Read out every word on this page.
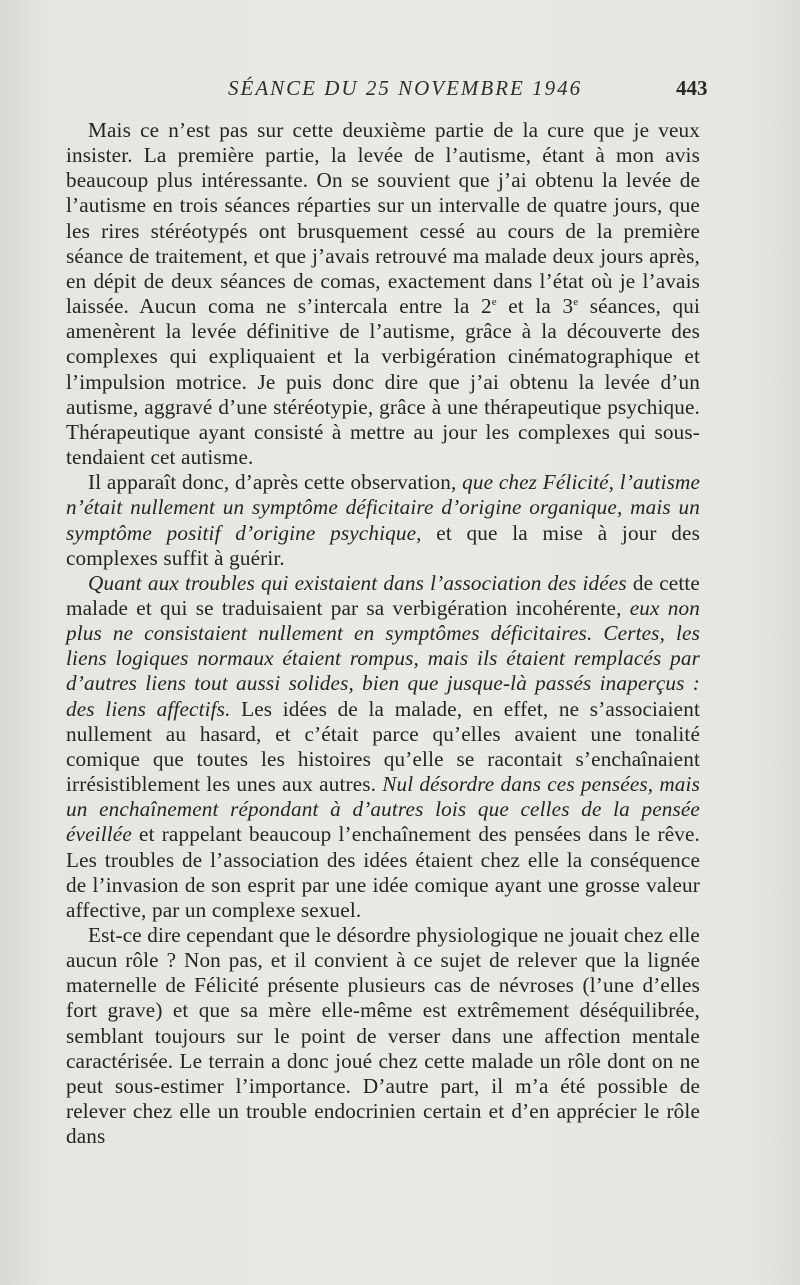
SÉANCE DU 25 NOVEMBRE 1946	443

Mais ce n’est pas sur cette deuxième partie de la cure que je veux insister. La première partie, la levée de l’autisme, étant à mon avis beaucoup plus intéressante. On se souvient que j’ai obtenu la levée de l’autisme en trois séances réparties sur un intervalle de quatre jours, que les rires stéréotypés ont brusquement cessé au cours de la première séance de traitement, et que j’avais retrouvé ma malade deux jours après, en dépit de deux séances de comas, exactement dans l’état où je l’avais laissée. Aucun coma ne s’intercala entre la 2e et la 3e séances, qui amenèrent la levée définitive de l’autisme, grâce à la découverte des complexes qui expliquaient et la verbigération cinématographique et l’impulsion motrice. Je puis donc dire que j’ai obtenu la levée d’un autisme, aggravé d’une stéréotypie, grâce à une thérapeutique psychique. Thérapeutique ayant consisté à mettre au jour les complexes qui sous-tendaient cet autisme.

Il apparaît donc, d’après cette observation, que chez Félicité, l’autisme n’était nullement un symptôme déficitaire d’origine organique, mais un symptôme positif d’origine psychique, et que la mise à jour des complexes suffit à guérir.

Quant aux troubles qui existaient dans l’association des idées de cette malade et qui se traduisaient par sa verbigération incohérente, eux non plus ne consistaient nullement en symptômes déficitaires. Certes, les liens logiques normaux étaient rompus, mais ils étaient remplacés par d’autres liens tout aussi solides, bien que jusque-là passés inaperçus : des liens affectifs. Les idées de la malade, en effet, ne s’associaient nullement au hasard, et c’était parce qu’elles avaient une tonalité comique que toutes les histoires qu’elle se racontait s’enchaînaient irrésistiblement les unes aux autres. Nul désordre dans ces pensées, mais un enchaînement répondant à d’autres lois que celles de la pensée éveillée et rappelant beaucoup l’enchaînement des pensées dans le rêve. Les troubles de l’association des idées étaient chez elle la conséquence de l’invasion de son esprit par une idée comique ayant une grosse valeur affective, par un complexe sexuel.

Est-ce dire cependant que le désordre physiologique ne jouait chez elle aucun rôle ? Non pas, et il convient à ce sujet de relever que la lignée maternelle de Félicité présente plusieurs cas de névroses (l’une d’elles fort grave) et que sa mère elle-même est extrêmement déséquilibrée, semblant toujours sur le point de verser dans une affection mentale caractérisée. Le terrain a donc joué chez cette malade un rôle dont on ne peut sous-estimer l’importance. D’autre part, il m’a été possible de relever chez elle un trouble endocrinien certain et d’en apprécier le rôle dans
